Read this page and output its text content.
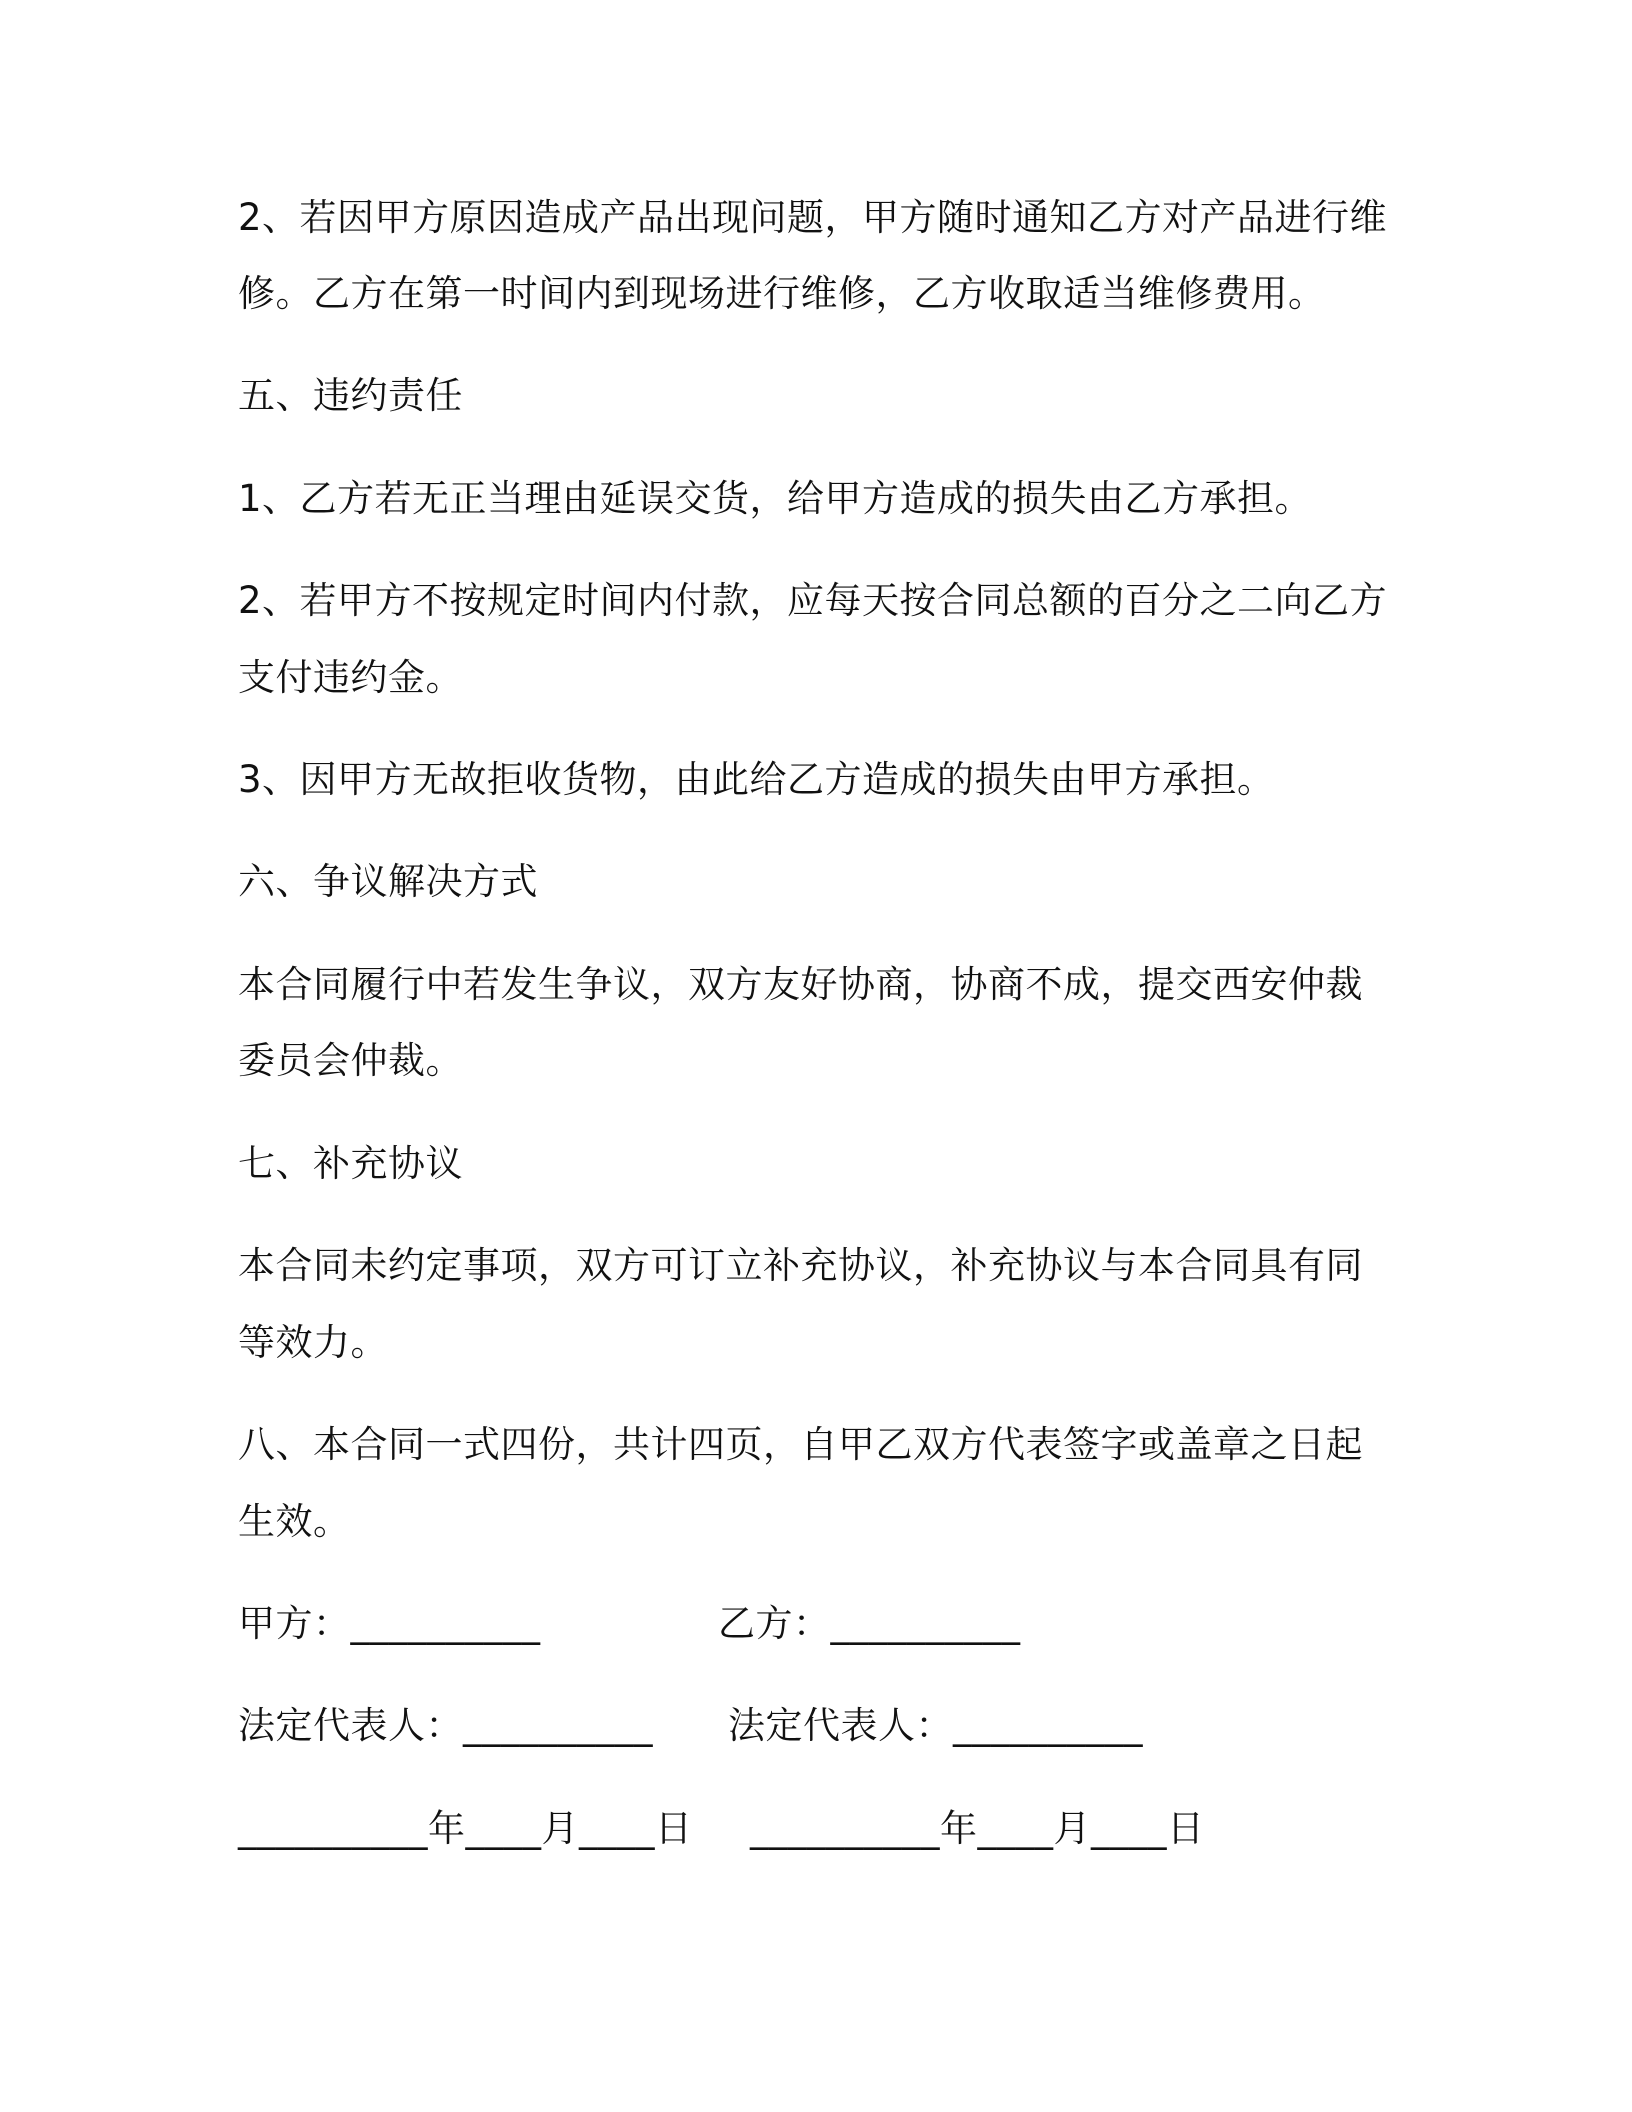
2、若因甲方原因造成产品出现问题，甲方随时通知乙方对产品进行维
修。乙方在第一时间内到现场进行维修，乙方收取适当维修费用。
五、违约责任
1、乙方若无正当理由延误交货，给甲方造成的损失由乙方承担。
2、若甲方不按规定时间内付款，应每天按合同总额的百分之二向乙方
支付违约金。
3、因甲方无故拒收货物，由此给乙方造成的损失由甲方承担。
六、争议解决方式
本合同履行中若发生争议，双方友好协商，协商不成，提交西安仲裁
委员会仲裁。
七、补充协议
本合同未约定事项，双方可订立补充协议，补充协议与本合同具有同
等效力。
八、本合同一式四份，共计四页，自甲乙双方代表签字或盖章之日起
生效。
甲方：__________	乙方：__________
法定代表人：__________ 法定代表人：__________
__________年____月____日 __________年____月____日
